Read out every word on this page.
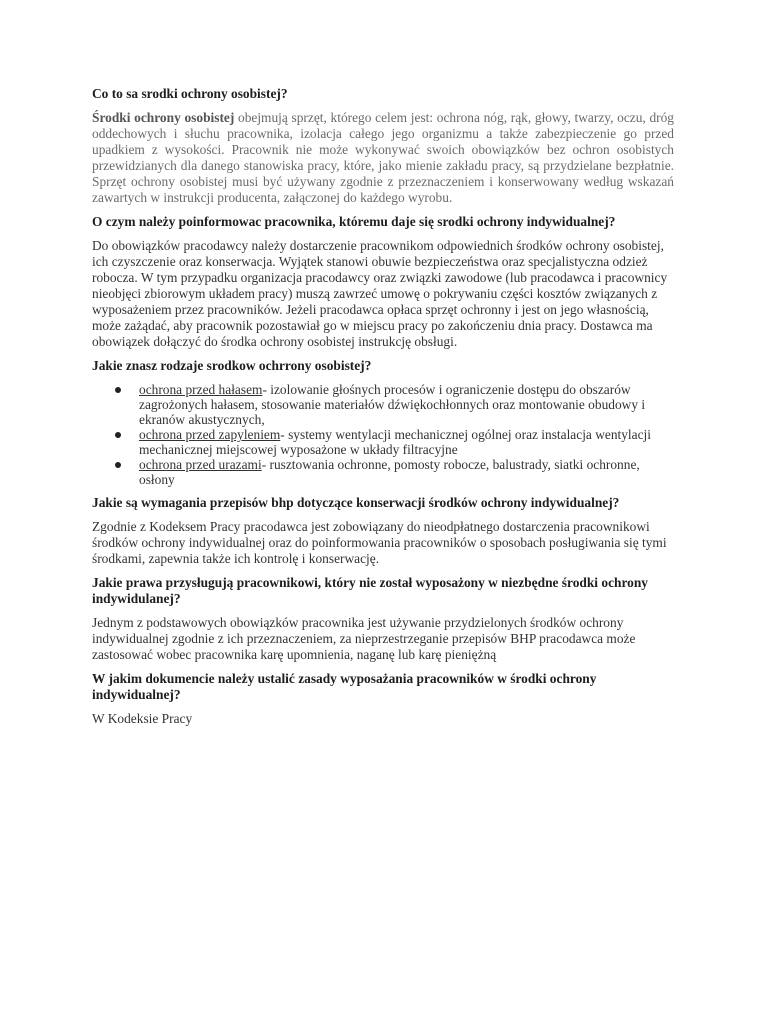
Co to sa srodki ochrony osobistej?

Środki ochrony osobistej obejmują sprzęt, którego celem jest: ochrona nóg, rąk, głowy, twarzy, oczu, dróg oddechowych i słuchu pracownika, izolacja całego jego organizmu a także zabezpieczenie go przed upadkiem z wysokości. Pracownik nie może wykonywać swoich obowiązków bez ochron osobistych przewidzianych dla danego stanowiska pracy, które, jako mienie zakładu pracy, są przydzielane bezpłatnie. Sprzęt ochrony osobistej musi być używany zgodnie z przeznaczeniem i konserwowany według wskazań zawartych w instrukcji producenta, załączonej do każdego wyrobu.

O czym należy poinformowac prаcownika, któremu daje się srodki ochrony indywidualnej?

Do obowiązków pracodawcy należy dostarczenie pracownikom odpowiednich środków ochrony osobistej, ich czyszczenie oraz konserwacja. Wyjątek stanowi obuwie bezpieczeństwa oraz specjalistyczna odzież robocza. W tym przypadku organizacja pracodawcy oraz związki zawodowe (lub pracodawca i pracownicy nieobjęci zbiorowym układem pracy) muszą zawrzeć umowę o pokrywaniu części kosztów związanych z wyposażeniem przez pracowników. Jeżeli pracodawca opłaca sprzęt ochronny i jest on jego własnością, może zażądać, aby pracownik pozostawiał go w miejscu pracy po zakończeniu dnia pracy. Dostawca ma obowiązek dołączyć do środka ochrony osobistej instrukcję obsługi.

Jakie znasz rodzaje srodkow ochrrony osobistej?

ochrona przed hałasem- izolowanie głośnych procesów i ograniczenie dostępu do obszarów zagrożonych hałasem, stosowanie materiałów dźwiękochłonnych oraz montowanie obudowy i ekranów akustycznych,
ochrona przed zapyleniem- systemy wentylacji mechanicznej ogólnej oraz instalacja wentylacji mechanicznej miejscowej wyposażone w układy filtracyjne
ochrona przed urazami- rusztowania ochronne, pomosty robocze, balustrady, siatki ochronne, osłony

Jakie są wymagania przepisów bhp dotyczące konserwacji środków ochrony indywidualnej?

Zgodnie z Kodeksem Pracy pracodawca jest zobowiązany do nieodpłatnego dostarczenia pracownikowi środków ochrony indywidualnej oraz do poinformowania pracowników o sposobach posługiwania się tymi środkami, zapewnia także ich kontrolę i konserwację.

Jakie prawa przysługują pracownikowi, który nie został wyposażony w niezbędne środki ochrony indywidulanej?

Jednym z podstawowych obowiązków pracownika jest używanie przydzielonych środków ochrony indywidualnej zgodnie z ich przeznaczeniem, za nieprzestrzeganie przepisów BHP pracodawca może zastosować wobec pracownika karę upomnienia, naganę lub karę pieniężną

W jakim dokumencie należy ustalić zasady wyposażania pracowników w środki ochrony indywidualnej?

W Kodeksie Pracy
